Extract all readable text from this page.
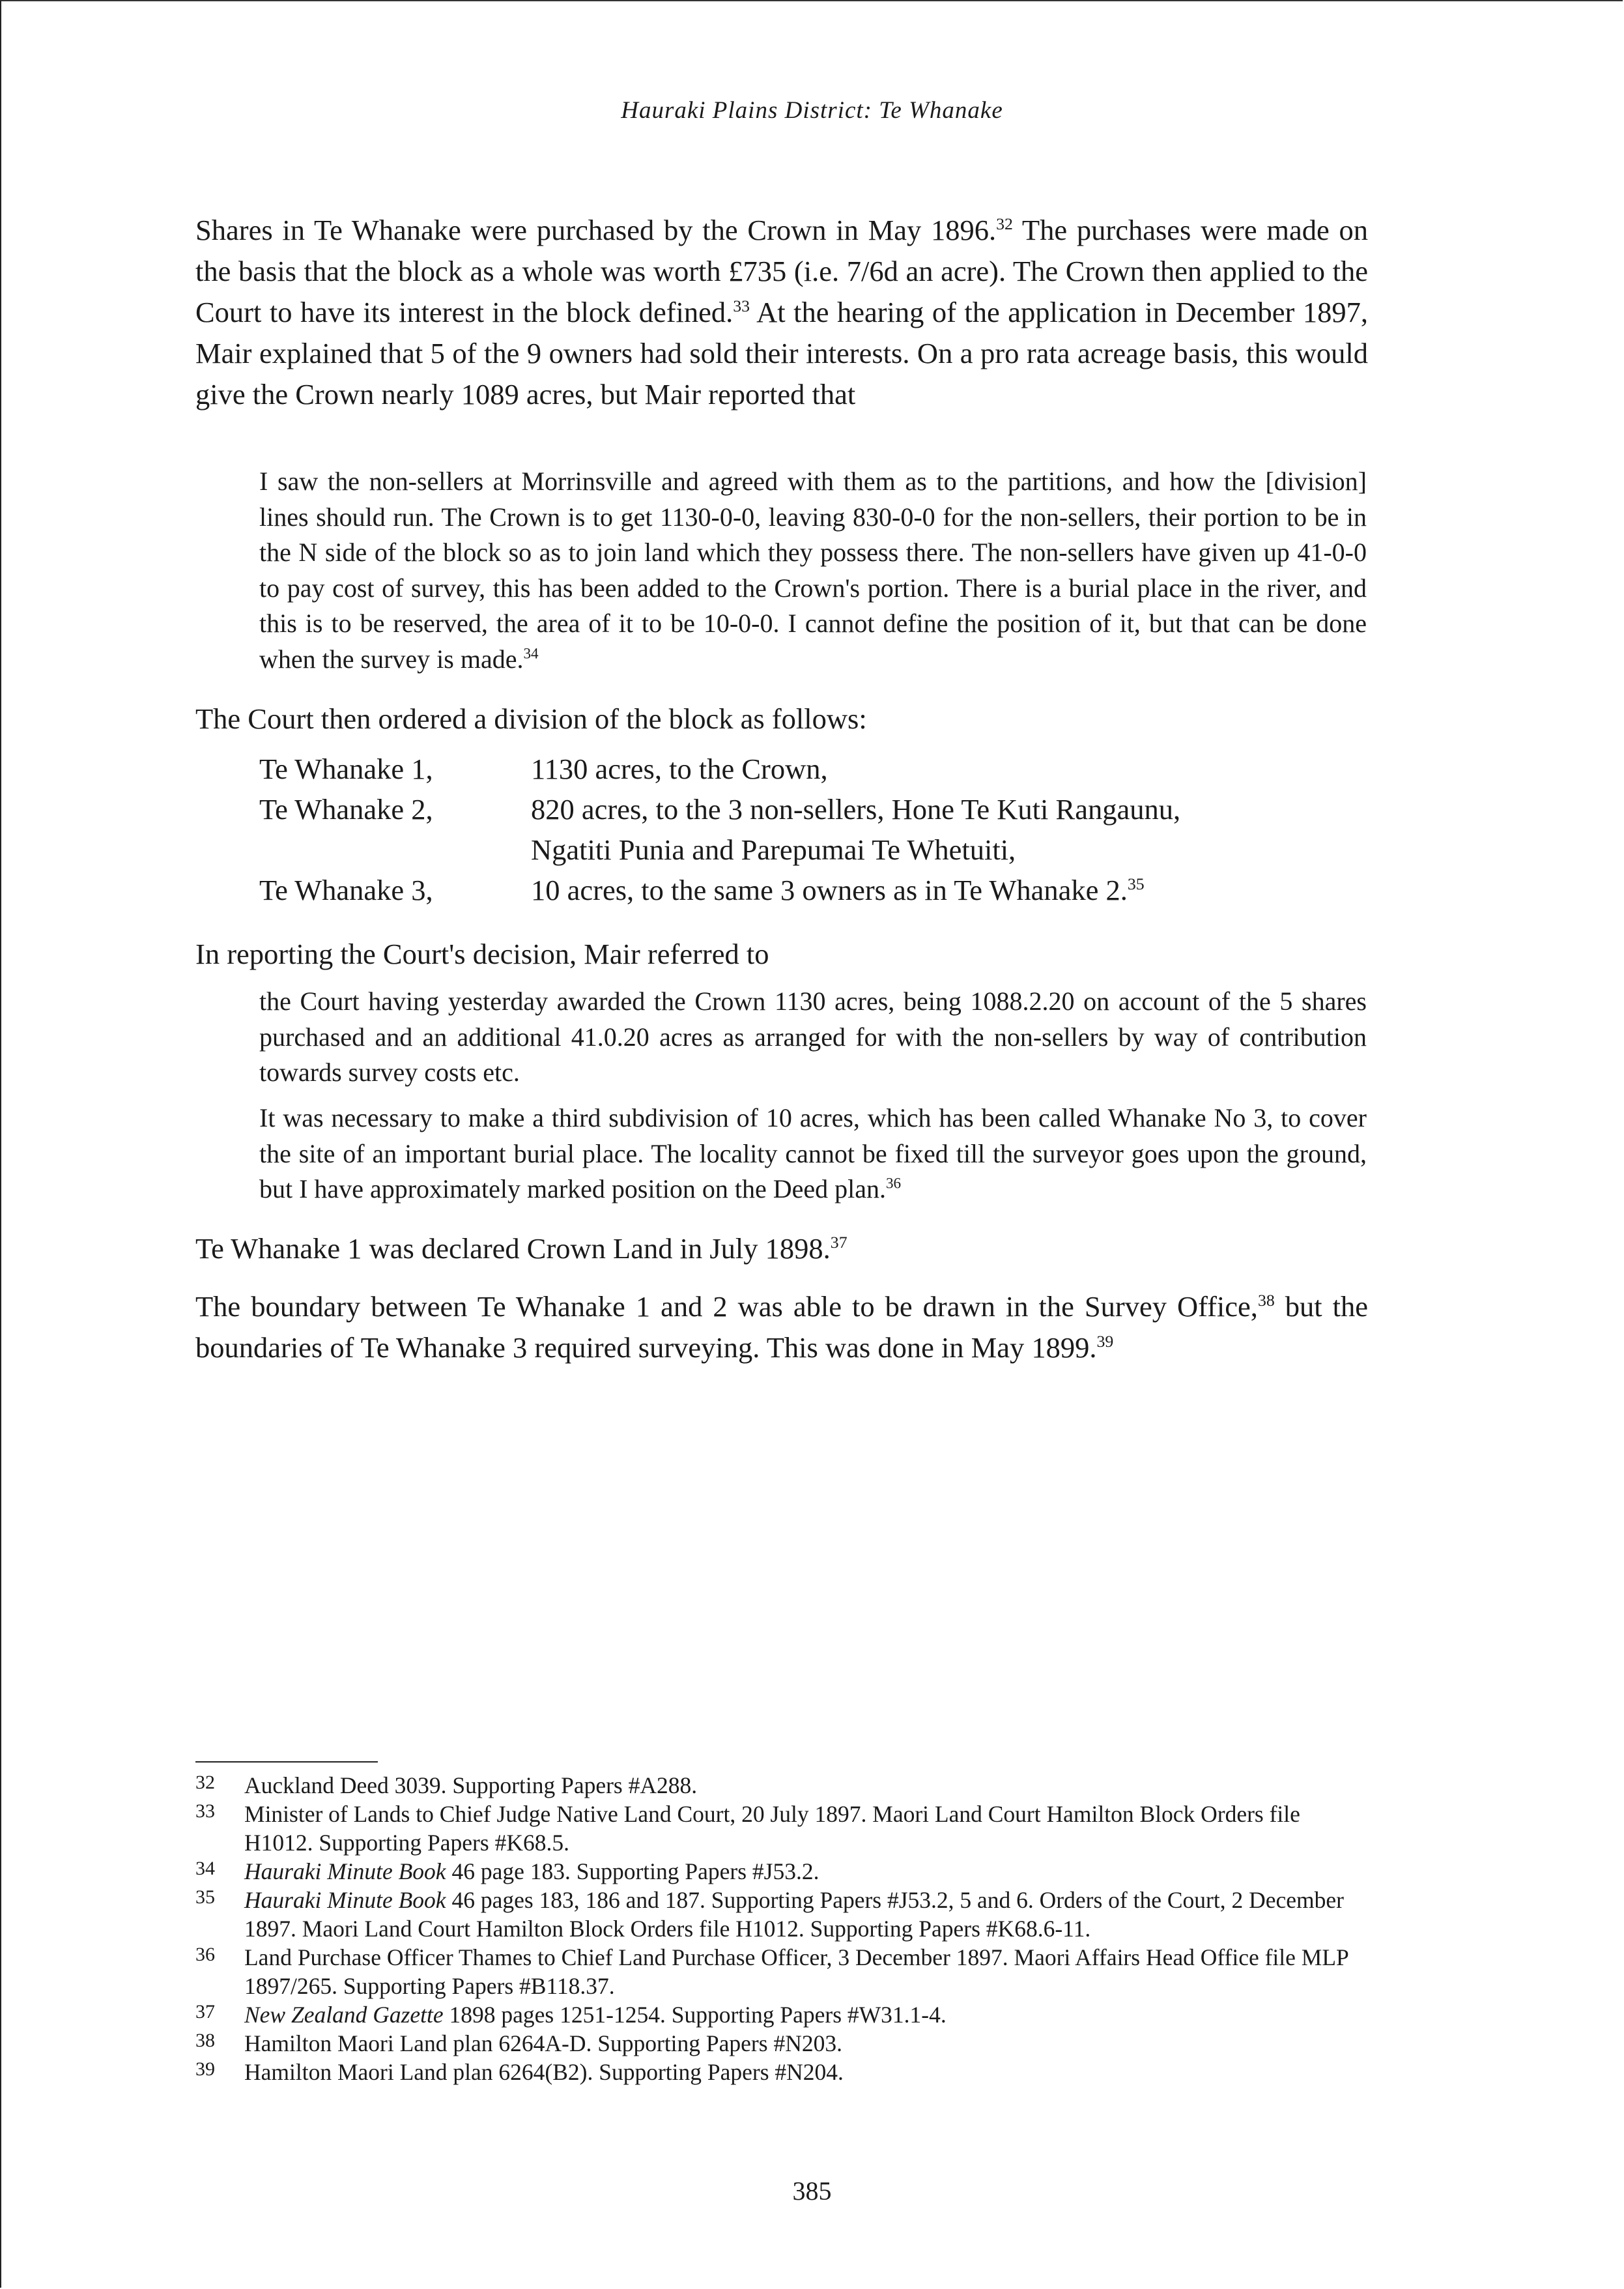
Hauraki Plains District: Te Whanake

Shares in Te Whanake were purchased by the Crown in May 1896.32 The purchases were made on the basis that the block as a whole was worth £735 (i.e. 7/6d an acre). The Crown then applied to the Court to have its interest in the block defined.$^{33}$ At the hearing of the application in December 1897, Mair explained that 5 of the 9 owners had sold their interests. On a pro rata acreage basis, this would give the Crown nearly 1089 acres, but Mair reported that

I saw the non-sellers at Morrinsville and agreed with them as to the partitions, and how the [division] lines should run. The Crown is to get 1130-0-0, leaving 830-0-0 for the non-sellers, their portion to be in the N side of the block so as to join land which they possess there. The non-sellers have given up 41-0-0 to pay cost of survey, this has been added to the Crown's portion. There is a burial place in the river, and this is to be reserved, the area of it to be 10-0-0. I cannot define the position of it, but that can be done when the survey is made.$^{34}$

The Court then ordered a division of the block as follows:

Te Whanake 1,	1130 acres, to the Crown,
Te Whanake 2,	820 acres, to the 3 non-sellers, Hone Te Kuti Rangaunu,
Ngatiti Punia and Parepumai Te Whetuiti,
Te Whanake 3,	10 acres, to the same 3 owners as in Te Whanake 2.35

In reporting the Court's decision, Mair referred to

the Court having yesterday awarded the Crown 1130 acres, being 1088.2.20 on account of the 5 shares purchased and an additional 41.0.20 acres as arranged for with the non-sellers by way of contribution towards survey costs etc.

It was necessary to make a third subdivision of 10 acres, which has been called Whanake No 3, to cover the site of an important burial place. The locality cannot be fixed till the surveyor goes upon the ground, but I have approximately marked position on the Deed plan.$^{36}$

Te Whanake 1 was declared Crown Land in July 1898.37

The boundary between Te Whanake 1 and 2 was able to be drawn in the Survey Office,$^{38}$ but the boundaries of Te Whanake 3 required surveying. This was done in May 1899.39

32 Auckland Deed 3039. Supporting Papers #A288.
33 Minister of Lands to Chief Judge Native Land Court, 20 July 1897. Maori Land Court Hamilton Block Orders file H1012. Supporting Papers #K68.5.
34 Hauraki Minute Book 46 page 183. Supporting Papers #J53.2.
35 Hauraki Minute Book 46 pages 183, 186 and 187. Supporting Papers #J53.2, 5 and 6. Orders of the Court, 2 December 1897. Maori Land Court Hamilton Block Orders file H1012. Supporting Papers #K68.6-11.
36 Land Purchase Officer Thames to Chief Land Purchase Officer, 3 December 1897. Maori Affairs Head Office file MLP 1897/265. Supporting Papers #B118.37.
37 New Zealand Gazette 1898 pages 1251-1254. Supporting Papers #W31.1-4.
38 Hamilton Maori Land plan 6264A-D. Supporting Papers #N203.
39 Hamilton Maori Land plan 6264(B2). Supporting Papers #N204.
385
